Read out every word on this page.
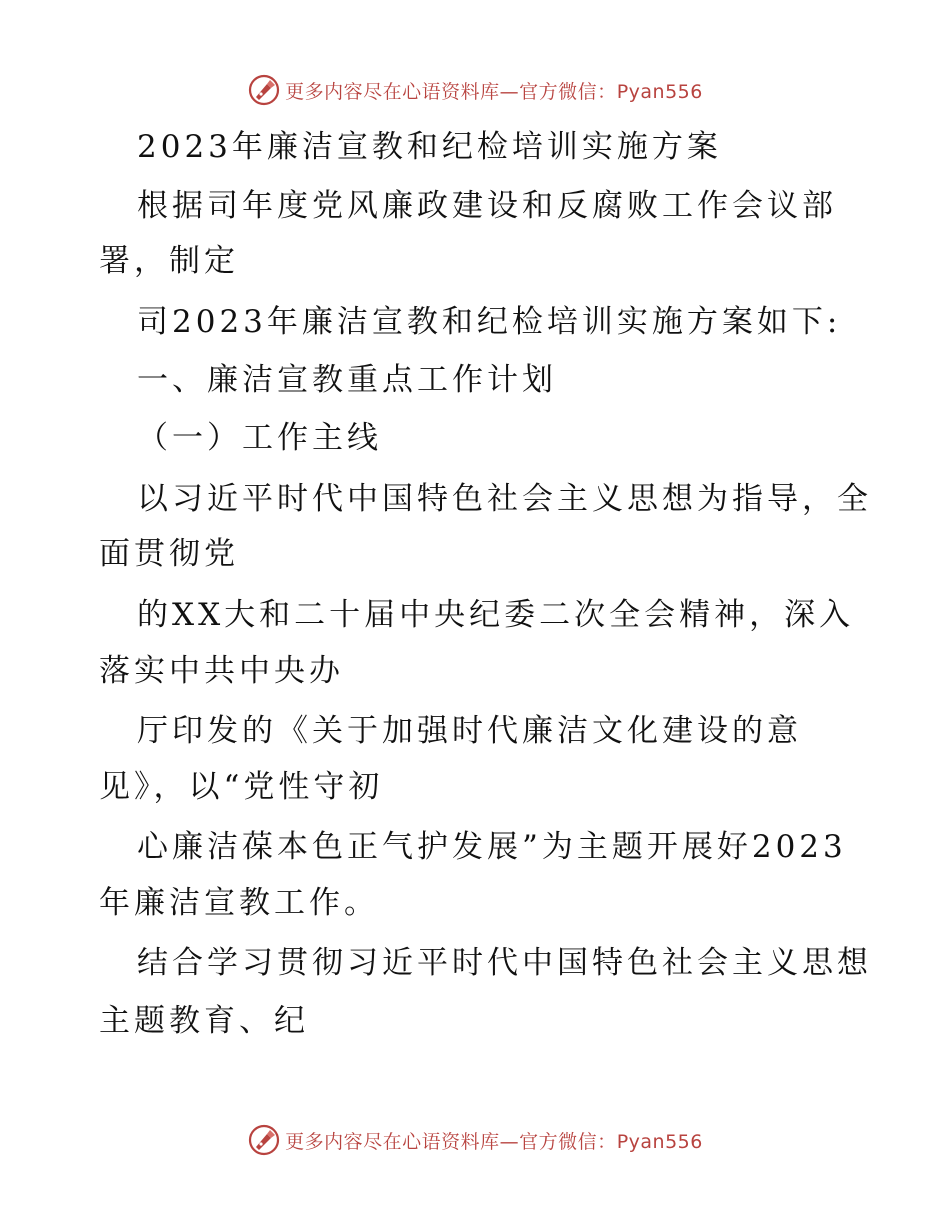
更多内容尽在心语资料库—官方微信：Pyan556
2023年廉洁宣教和纪检培训实施方案
根据司年度党风廉政建设和反腐败工作会议部
署，制定
司2023年廉洁宣教和纪检培训实施方案如下:
一、廉洁宣教重点工作计划
（一）工作主线
以习近平时代中国特色社会主义思想为指导，全
面贯彻党
的XX大和二十届中央纪委二次全会精神，深入
落实中共中央办
厅印发的《关于加强时代廉洁文化建设的意
见》，以“党性守初
心廉洁葆本色正气护发展”为主题开展好2023
年廉洁宣教工作。
结合学习贯彻习近平时代中国特色社会主义思想
主题教育、纪
更多内容尽在心语资料库—官方微信：Pyan556
